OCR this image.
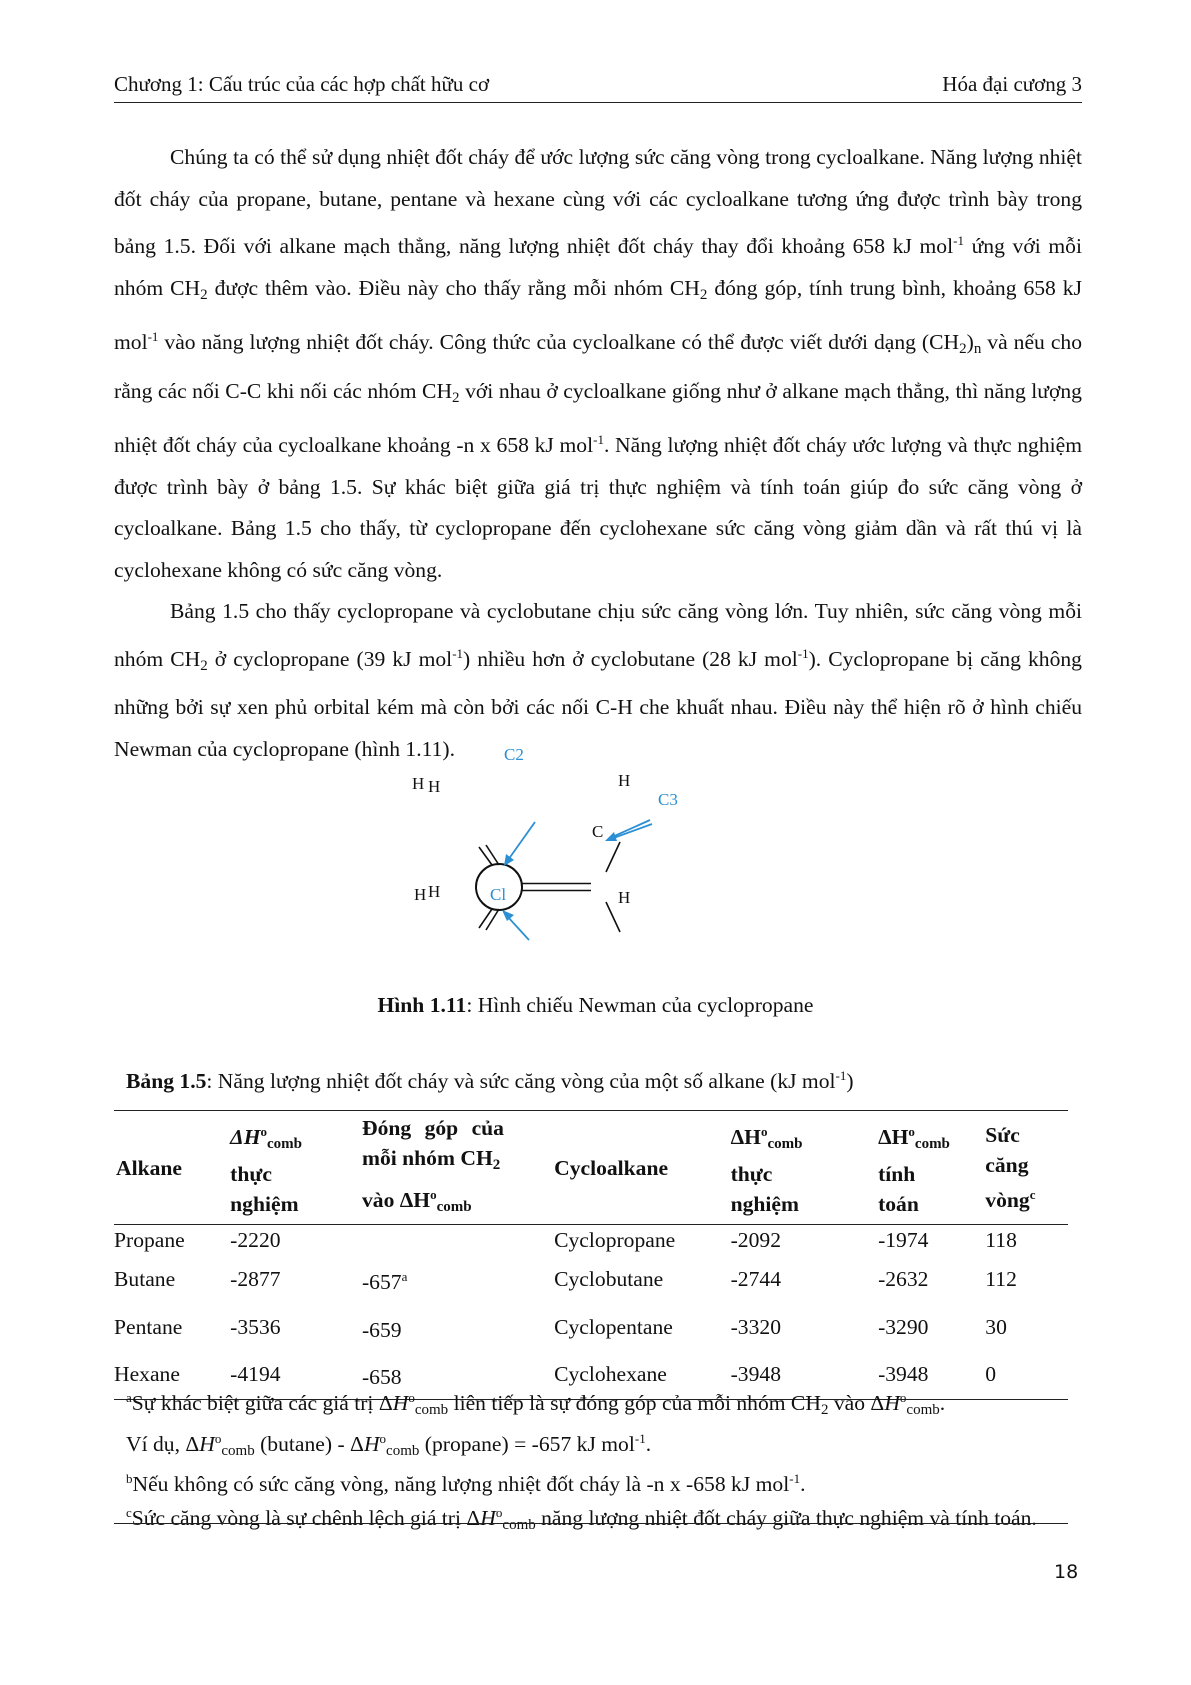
Chương 1: Cấu trúc của các hợp chất hữu cơ	Hóa đại cương 3

Chúng ta có thể sử dụng nhiệt đốt cháy để ước lượng sức căng vòng trong cycloalkane. Năng lượng nhiệt đốt cháy của propane, butane, pentane và hexane cùng với các cycloalkane tương ứng được trình bày trong bảng 1.5. Đối với alkane mạch thẳng, năng lượng nhiệt đốt cháy thay đổi khoảng 658 kJ mol$^{-1}$ ứng với mỗi nhóm $CH_2$ được thêm vào. Điều này cho thấy rằng mỗi nhóm $CH_2$ đóng góp, tính trung bình, khoảng 658 kJ mol$^{-1}$ vào năng lượng nhiệt đốt cháy. Công thức của cycloalkane có thể được viết dưới dạng $(CH_2)_n$ và nếu cho rằng các nối C-C khi nối các nhóm $CH_2$ với nhau ở cycloalkane giống như ở alkane mạch thẳng, thì năng lượng nhiệt đốt cháy của cycloalkane khoảng -n x 658 kJ mol$^{-1}$. Năng lượng nhiệt đốt cháy ước lượng và thực nghiệm được trình bày ở bảng 1.5. Sự khác biệt giữa giá trị thực nghiệm và tính toán giúp đo sức căng vòng ở cycloalkane. Bảng 1.5 cho thấy, từ cyclopropane đến cyclohexane sức căng vòng giảm dần và rất thú vị là cyclohexane không có sức căng vòng.

Bảng 1.5 cho thấy cyclopropane và cyclobutane chịu sức căng vòng lớn. Tuy nhiên, sức căng vòng mỗi nhóm $CH_2$ ở cyclopropane (39 kJ mol$^{-1}$) nhiều hơn ở cyclobutane (28 kJ mol$^{-1}$). Cyclopropane bị căng không những bởi sự xen phủ orbital kém mà còn bởi các nối C-H che khuất nhau. Điều này thể hiện rõ ở hình chiếu Newman của cyclopropane (hình 1.11).

H H
H H
C2
H
C3
C
Cl	H
Hình 1.11: Hình chiếu Newman của cyclopropane
Bảng 1.5: Năng lượng nhiệt đốt cháy và sức căng vòng của một số alkane (kJ mol$^{-1}$)
Alkane	$\Delta H^o_{comb}$
thực
nghiệm	Đóng góp của
mỗi nhóm $CH_2$
vào $\Delta H^o_{comb}$	Cycloalkane	$\Delta H^o_{comb}$
thực
nghiệm	$\Delta H^o_{comb}$
tính
toán	Sức
căng
vòng$^c$
Propane	-2220		Cyclopropane	-2092	-1974	118
Butane	-2877	-657$^a$	Cyclobutane	-2744	-2632	112
Pentane	-3536	-659	Cyclopentane	-3320	-3290	30
Hexane	-4194	-658	Cyclohexane	-3948	-3948	0
$^a$Sự khác biệt giữa các giá trị $\Delta H^o_{comb}$ liên tiếp là sự đóng góp của mỗi nhóm $CH_2$ vào $\Delta H^o_{comb}$.
Ví dụ, $\Delta H^o_{comb}$ $(butane) - \Delta H^o_{comb}$ (propane) = -657 kJ mol$^{-1}$.
$^b$Nếu không có sức căng vòng, năng lượng nhiệt đốt cháy là -n x -658 kJ mol$^{-1}$.
$^c$Sức căng vòng là sự chênh lệch giá trị $\Delta H^o_{comb}$ năng lượng nhiệt đốt cháy giữa thực nghiệm và tính toán.
18
